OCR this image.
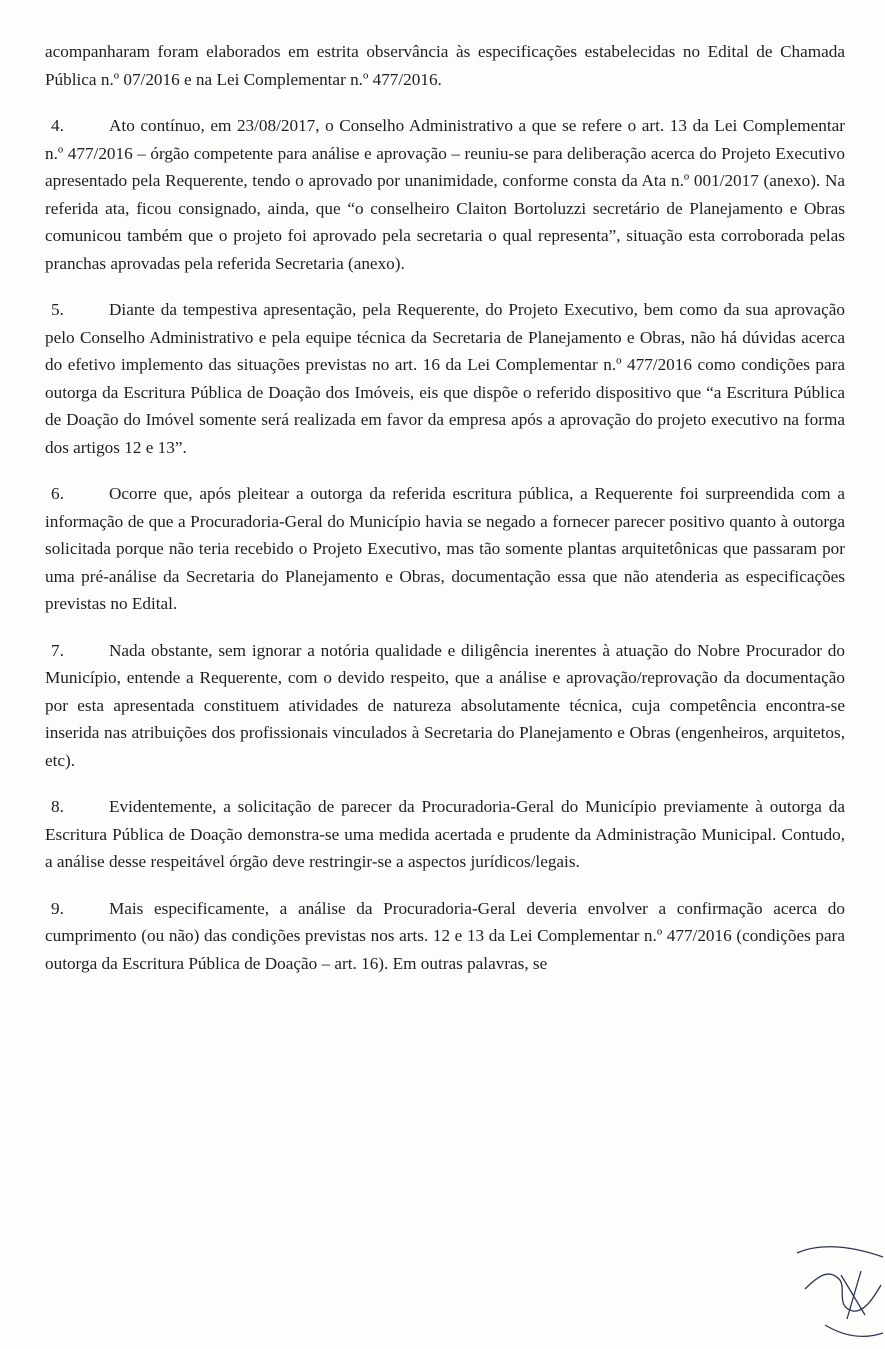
acompanharam foram elaborados em estrita observância às especificações estabelecidas no Edital de Chamada Pública n.º 07/2016 e na Lei Complementar n.º 477/2016.

4.	Ato contínuo, em 23/08/2017, o Conselho Administrativo a que se refere o art. 13 da Lei Complementar n.º 477/2016 – órgão competente para análise e aprovação – reuniu-se para deliberação acerca do Projeto Executivo apresentado pela Requerente, tendo o aprovado por unanimidade, conforme consta da Ata n.º 001/2017 (anexo). Na referida ata, ficou consignado, ainda, que “o conselheiro Claiton Bortoluzzi secretário de Planejamento e Obras comunicou também que o projeto foi aprovado pela secretaria o qual representa”, situação esta corroborada pelas pranchas aprovadas pela referida Secretaria (anexo).

5.	Diante da tempestiva apresentação, pela Requerente, do Projeto Executivo, bem como da sua aprovação pelo Conselho Administrativo e pela equipe técnica da Secretaria de Planejamento e Obras, não há dúvidas acerca do efetivo implemento das situações previstas no art. 16 da Lei Complementar n.º 477/2016 como condições para outorga da Escritura Pública de Doação dos Imóveis, eis que dispõe o referido dispositivo que “a Escritura Pública de Doação do Imóvel somente será realizada em favor da empresa após a aprovação do projeto executivo na forma dos artigos 12 e 13”.

6.	Ocorre que, após pleitear a outorga da referida escritura pública, a Requerente foi surpreendida com a informação de que a Procuradoria-Geral do Município havia se negado a fornecer parecer positivo quanto à outorga solicitada porque não teria recebido o Projeto Executivo, mas tão somente plantas arquitetônicas que passaram por uma pré-análise da Secretaria do Planejamento e Obras, documentação essa que não atenderia as especificações previstas no Edital.

7.	Nada obstante, sem ignorar a notória qualidade e diligência inerentes à atuação do Nobre Procurador do Município, entende a Requerente, com o devido respeito, que a análise e aprovação/reprovação da documentação por esta apresentada constituem atividades de natureza absolutamente técnica, cuja competência encontra-se inserida nas atribuições dos profissionais vinculados à Secretaria do Planejamento e Obras (engenheiros, arquitetos, etc).

8.	Evidentemente, a solicitação de parecer da Procuradoria-Geral do Município previamente à outorga da Escritura Pública de Doação demonstra-se uma medida acertada e prudente da Administração Municipal. Contudo, a análise desse respeitável órgão deve restringir-se a aspectos jurídicos/legais.

9.	Mais especificamente, a análise da Procuradoria-Geral deveria envolver a confirmação acerca do cumprimento (ou não) das condições previstas nos arts. 12 e 13 da Lei Complementar n.º 477/2016 (condições para outorga da Escritura Pública de Doação – art. 16). Em outras palavras, se
